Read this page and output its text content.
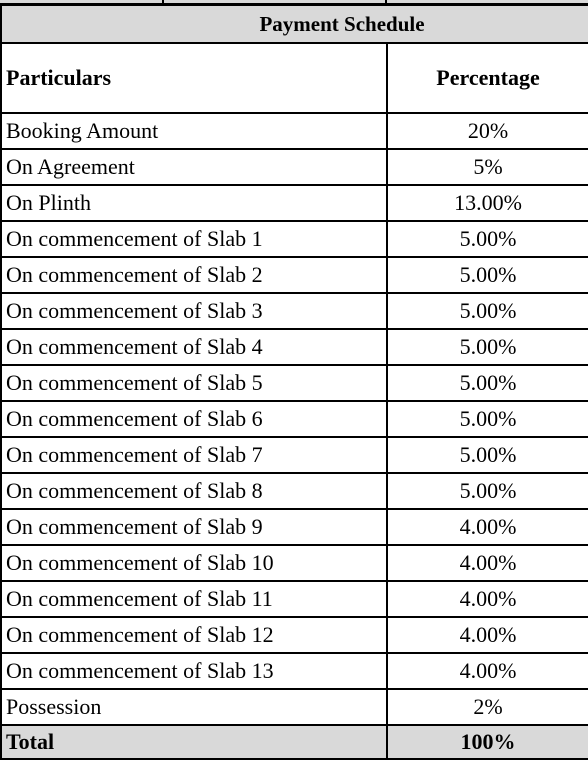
Payment Schedule	
Particulars	Percentage
Booking Amount	20%
On Agreement	5%
On Plinth	13.00%
On commencement of Slab 1	5.00%
On commencement of Slab 2	5.00%
On commencement of Slab 3	5.00%
On commencement of Slab 4	5.00%
On commencement of Slab 5	5.00%
On commencement of Slab 6	5.00%
On commencement of Slab 7	5.00%
On commencement of Slab 8	5.00%
On commencement of Slab 9	4.00%
On commencement of Slab 10	4.00%
On commencement of Slab 11	4.00%
On commencement of Slab 12	4.00%
On commencement of Slab 13	4.00%
Possession	2%
Total	100%
